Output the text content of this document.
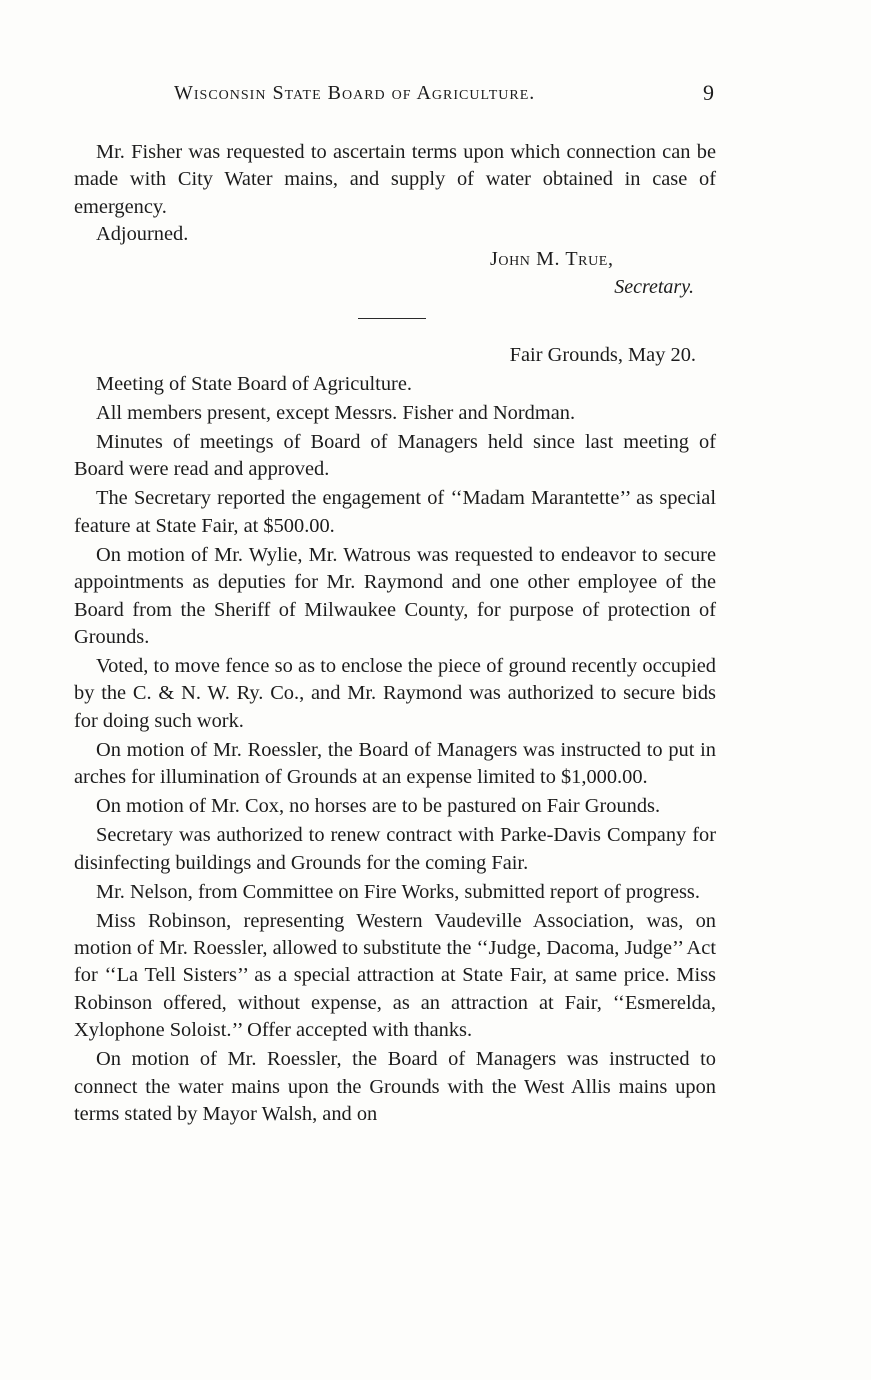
Wisconsin State Board of Agriculture.	9

Mr. Fisher was requested to ascertain terms upon which connection can be made with City Water mains, and supply of water obtained in case of emergency.

Adjourned.

John M. True,
Secretary.
Fair Grounds, May 20.

Meeting of State Board of Agriculture.

All members present, except Messrs. Fisher and Nordman.

Minutes of meetings of Board of Managers held since last meeting of Board were read and approved.

The Secretary reported the engagement of ‘‘Madam Marantette’’ as special feature at State Fair, at $500.00.

On motion of Mr. Wylie, Mr. Watrous was requested to endeavor to secure appointments as deputies for Mr. Raymond and one other employee of the Board from the Sheriff of Milwaukee County, for purpose of protection of Grounds.

Voted, to move fence so as to enclose the piece of ground recently occupied by the C. & N. W. Ry. Co., and Mr. Raymond was authorized to secure bids for doing such work.

On motion of Mr. Roessler, the Board of Managers was instructed to put in arches for illumination of Grounds at an expense limited to $1,000.00.

On motion of Mr. Cox, no horses are to be pastured on Fair Grounds.

Secretary was authorized to renew contract with Parke-Davis Company for disinfecting buildings and Grounds for the coming Fair.

Mr. Nelson, from Committee on Fire Works, submitted report of progress.

Miss Robinson, representing Western Vaudeville Association, was, on motion of Mr. Roessler, allowed to substitute the ‘‘Judge, Dacoma, Judge’’ Act for ‘‘La Tell Sisters’’ as a special attraction at State Fair, at same price. Miss Robinson offered, without expense, as an attraction at Fair, ‘‘Esmerelda, Xylophone Soloist.’’ Offer accepted with thanks.

On motion of Mr. Roessler, the Board of Managers was instructed to connect the water mains upon the Grounds with the West Allis mains upon terms stated by Mayor Walsh, and on
